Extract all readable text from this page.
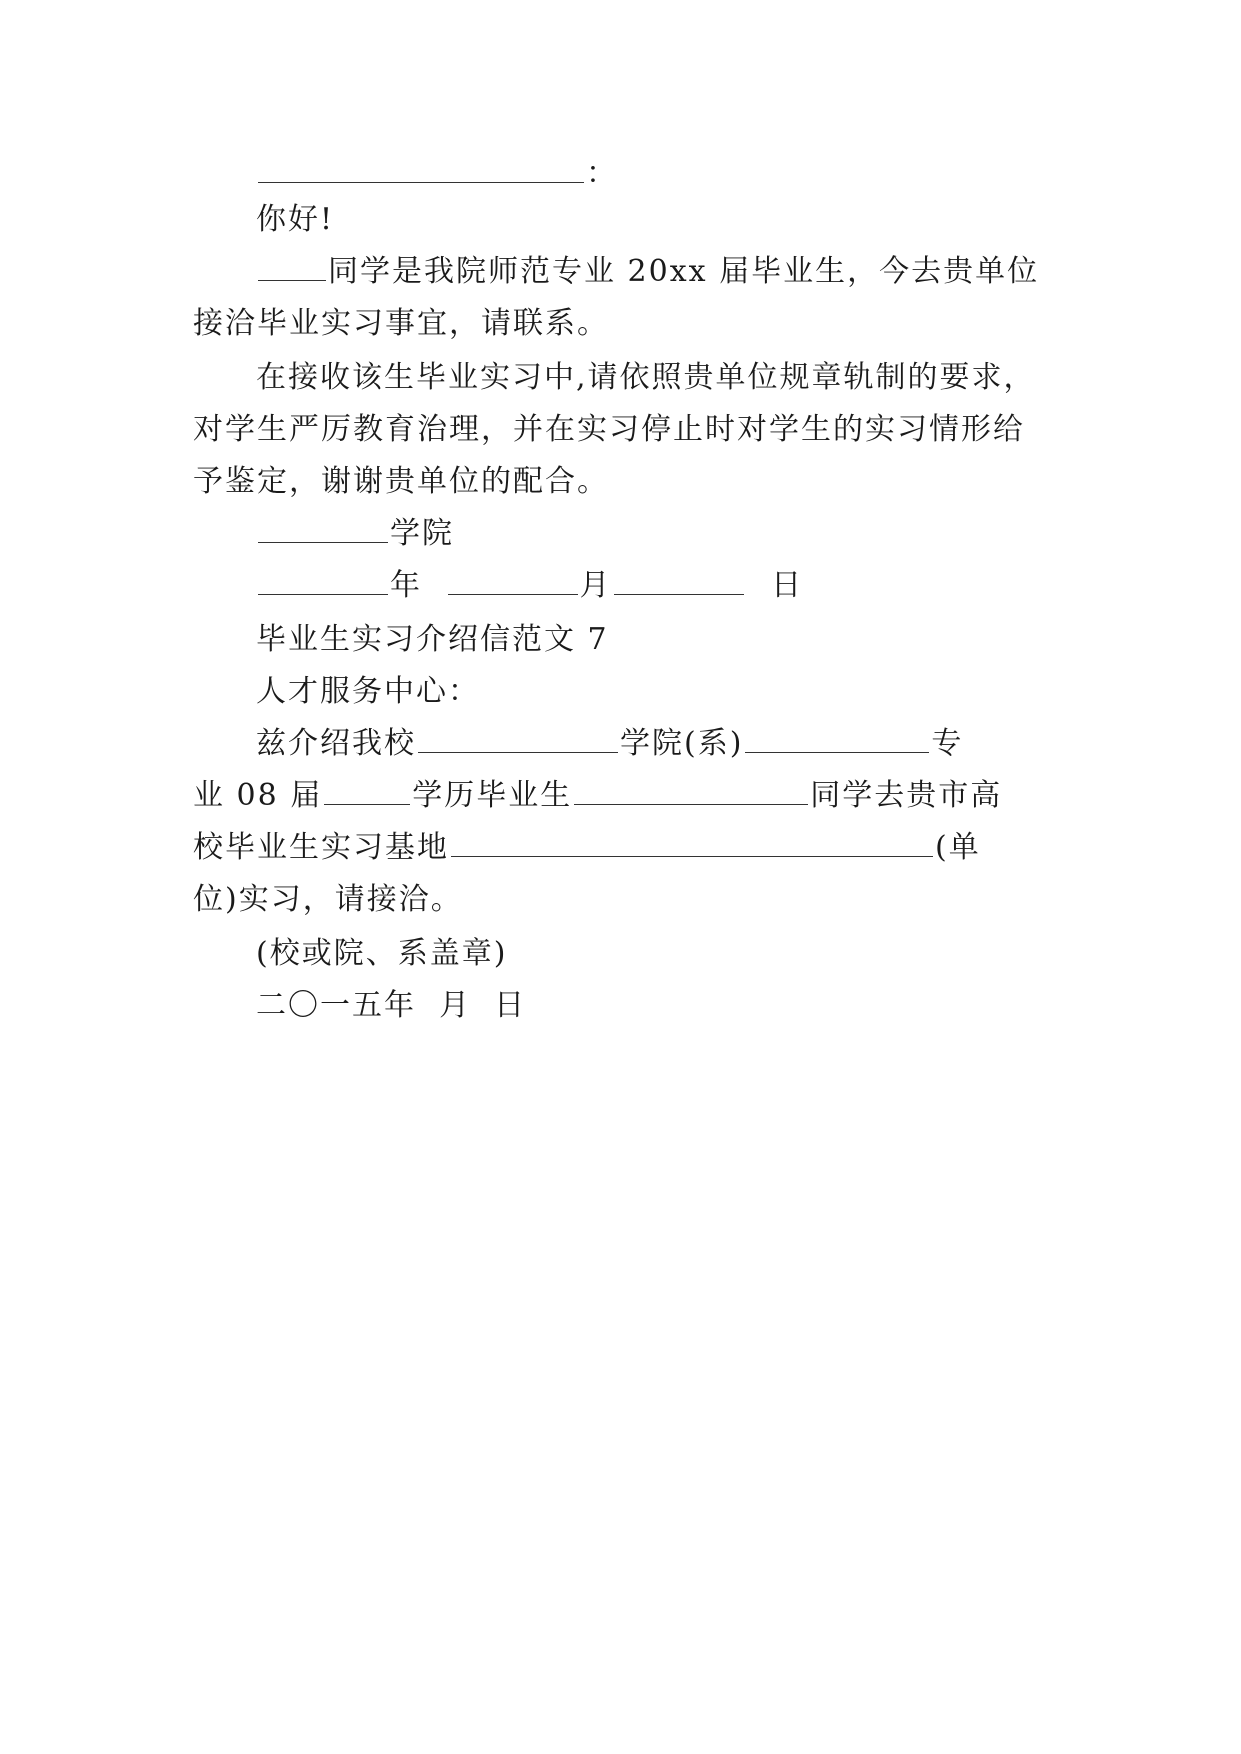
：
你好!
同学是我院师范专业 20xx 届毕业生，今去贵单位
接洽毕业实习事宜，请联系。
在接收该生毕业实习中,请依照贵单位规章轨制的要求，
对学生严厉教育治理，并在实习停止时对学生的实习情形给
予鉴定，谢谢贵单位的配合。
学院
年	月	日
毕业生实习介绍信范文 7
人才服务中心：
兹介绍我校	学院(系)	专
业 08 届	学历毕业生	同学去贵市高
校毕业生实习基地	(单
位)实习，请接洽。
(校或院、系盖章)
二〇一五年  月  日
